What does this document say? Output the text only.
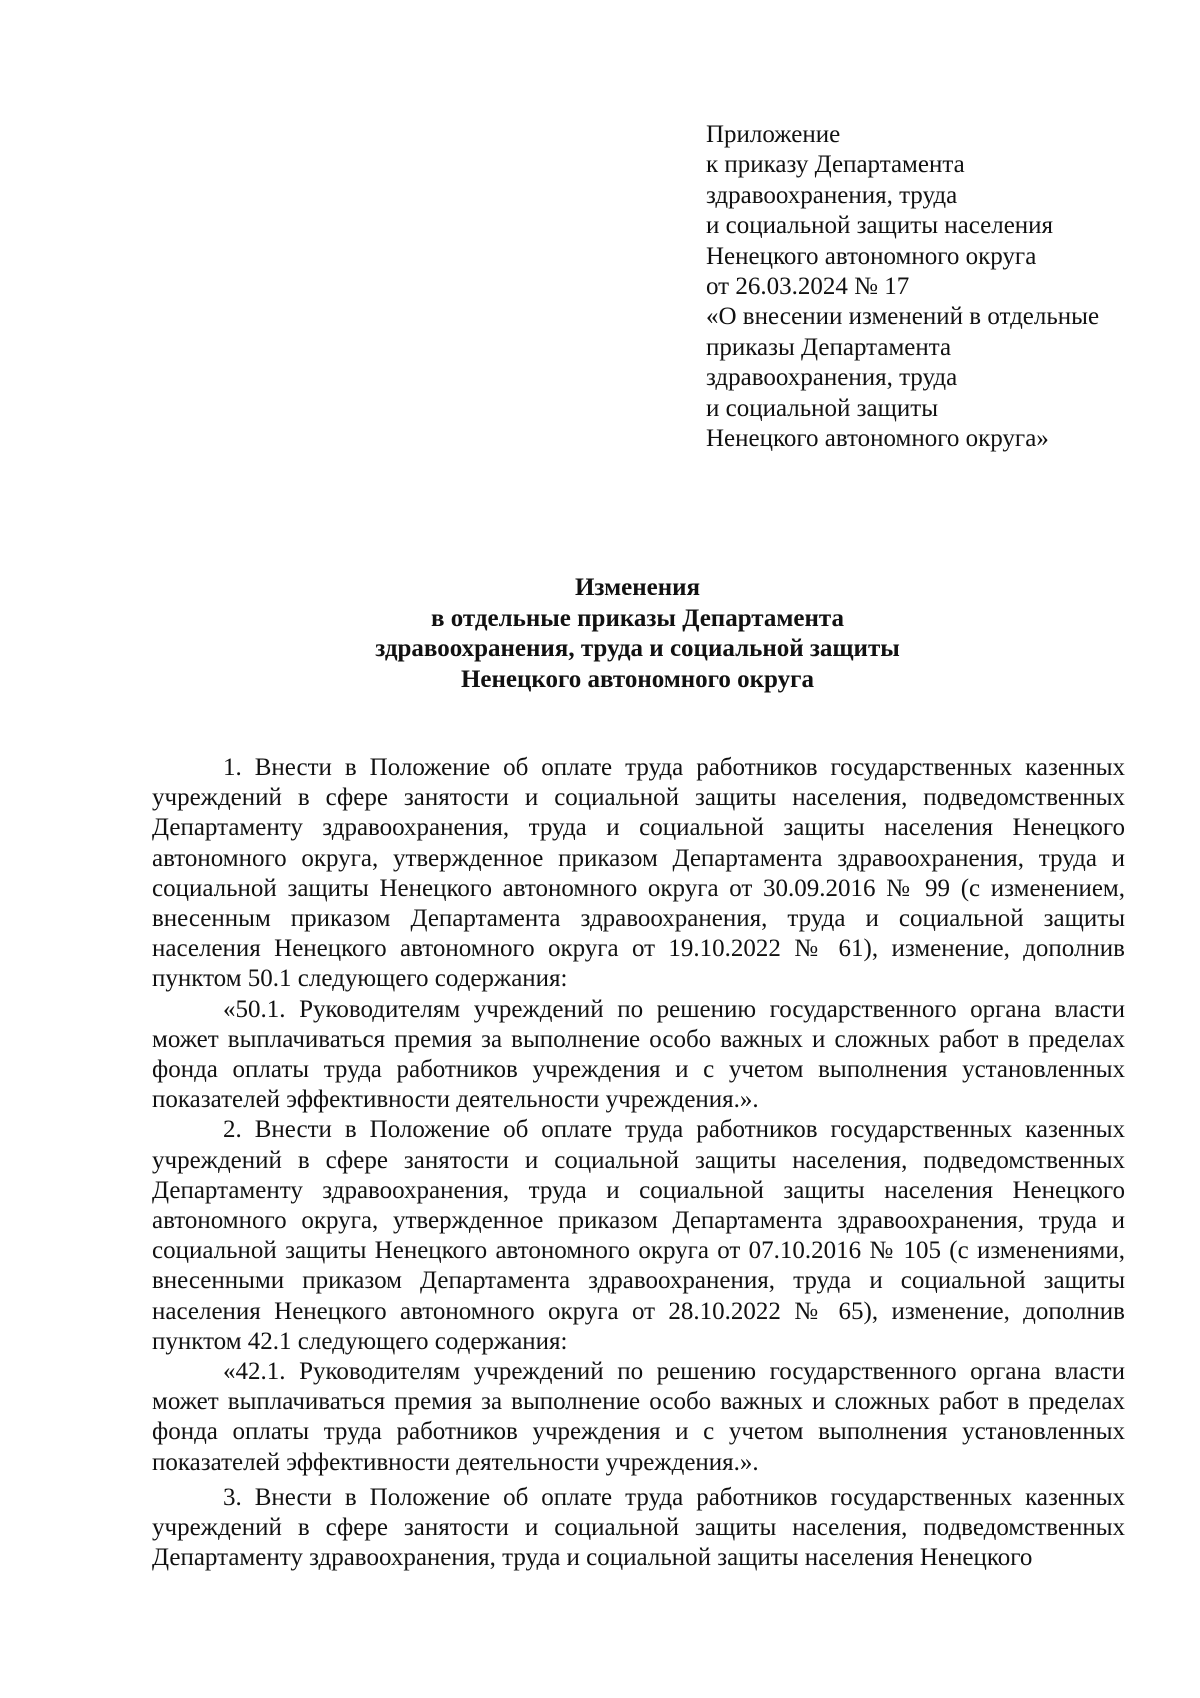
Приложение
к приказу Департамента
здравоохранения, труда
и социальной защиты населения
Ненецкого автономного округа
от 26.03.2024 № 17
«О внесении изменений в отдельные
приказы Департамента
здравоохранения, труда
и социальной защиты
Ненецкого автономного округа»
Изменения
в отдельные приказы Департамента
здравоохранения, труда и социальной защиты
Ненецкого автономного округа

1. Внести в Положение об оплате труда работников государственных казенных учреждений в сфере занятости и социальной защиты населения, подведомственных Департаменту здравоохранения, труда и социальной защиты населения Ненецкого автономного округа, утвержденное приказом Департамента здравоохранения, труда и социальной защиты Ненецкого автономного округа от 30.09.2016 № 99 (с изменением, внесенным приказом Департамента здравоохранения, труда и социальной защиты населения Ненецкого автономного округа от 19.10.2022 № 61), изменение, дополнив пунктом 50.1 следующего содержания:

«50.1. Руководителям учреждений по решению государственного органа власти может выплачиваться премия за выполнение особо важных и сложных работ в пределах фонда оплаты труда работников учреждения и с учетом выполнения установленных показателей эффективности деятельности учреждения.».

2. Внести в Положение об оплате труда работников государственных казенных учреждений в сфере занятости и социальной защиты населения, подведомственных Департаменту здравоохранения, труда и социальной защиты населения Ненецкого автономного округа, утвержденное приказом Департамента здравоохранения, труда и социальной защиты Ненецкого автономного округа от 07.10.2016 № 105 (с изменениями, внесенными приказом Департамента здравоохранения, труда и социальной защиты населения Ненецкого автономного округа от 28.10.2022 № 65), изменение, дополнив пунктом 42.1 следующего содержания:

«42.1. Руководителям учреждений по решению государственного органа власти может выплачиваться премия за выполнение особо важных и сложных работ в пределах фонда оплаты труда работников учреждения и с учетом выполнения установленных показателей эффективности деятельности учреждения.».

3. Внести в Положение об оплате труда работников государственных казенных учреждений в сфере занятости и социальной защиты населения, подведомственных Департаменту здравоохранения, труда и социальной защиты населения Ненецкого
